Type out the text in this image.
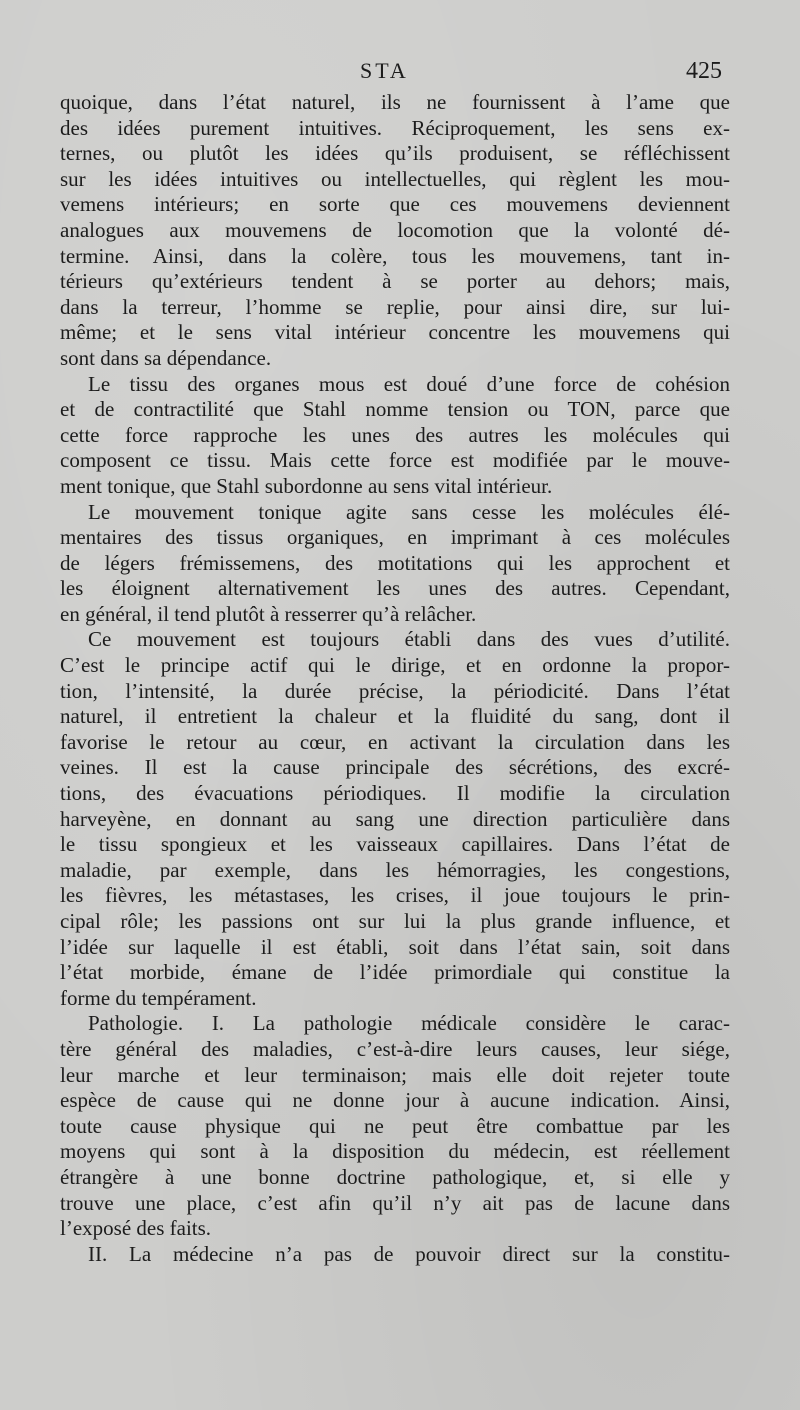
STA	425
quoique, dans l’état naturel, ils ne fournissent à l’ame que
des idées purement intuitives. Réciproquement, les sens ex-
ternes, ou plutôt les idées qu’ils produisent, se réfléchissent
sur les idées intuitives ou intellectuelles, qui règlent les mou-
vemens intérieurs; en sorte que ces mouvemens deviennent
analogues aux mouvemens de locomotion que la volonté dé-
termine. Ainsi, dans la colère, tous les mouvemens, tant in-
térieurs qu’extérieurs tendent à se porter au dehors; mais,
dans la terreur, l’homme se replie, pour ainsi dire, sur lui-
même; et le sens vital intérieur concentre les mouvemens qui
sont dans sa dépendance.
Le tissu des organes mous est doué d’une force de cohésion
et de contractilité que Stahl nomme tension ou TON, parce que
cette force rapproche les unes des autres les molécules qui
composent ce tissu. Mais cette force est modifiée par le mouve-
ment tonique, que Stahl subordonne au sens vital intérieur.
Le mouvement tonique agite sans cesse les molécules élé-
mentaires des tissus organiques, en imprimant à ces molécules
de légers frémissemens, des motitations qui les approchent et
les éloignent alternativement les unes des autres. Cependant,
en général, il tend plutôt à resserrer qu’à relâcher.
Ce mouvement est toujours établi dans des vues d’utilité.
C’est le principe actif qui le dirige, et en ordonne la propor-
tion, l’intensité, la durée précise, la périodicité. Dans l’état
naturel, il entretient la chaleur et la fluidité du sang, dont il
favorise le retour au cœur, en activant la circulation dans les
veines. Il est la cause principale des sécrétions, des excré-
tions, des évacuations périodiques. Il modifie la circulation
harveyène, en donnant au sang une direction particulière dans
le tissu spongieux et les vaisseaux capillaires. Dans l’état de
maladie, par exemple, dans les hémorragies, les congestions,
les fièvres, les métastases, les crises, il joue toujours le prin-
cipal rôle; les passions ont sur lui la plus grande influence, et
l’idée sur laquelle il est établi, soit dans l’état sain, soit dans
l’état morbide, émane de l’idée primordiale qui constitue la
forme du tempérament.
Pathologie. I. La pathologie médicale considère le carac-
tère général des maladies, c’est-à-dire leurs causes, leur siége,
leur marche et leur terminaison; mais elle doit rejeter toute
espèce de cause qui ne donne jour à aucune indication. Ainsi,
toute cause physique qui ne peut être combattue par les
moyens qui sont à la disposition du médecin, est réellement
étrangère à une bonne doctrine pathologique, et, si elle y
trouve une place, c’est afin qu’il n’y ait pas de lacune dans
l’exposé des faits.
II. La médecine n’a pas de pouvoir direct sur la constitu-
